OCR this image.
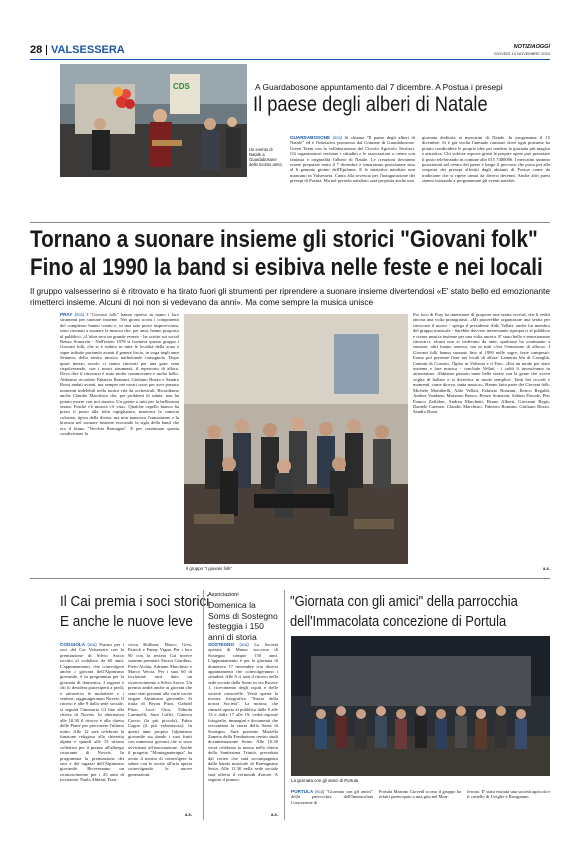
28 VALSESSERA	NOTIZIAOGGI
GIOVEDÌ 14 NOVEMBRE 2024
CDS	A Guardabosone appuntamento dal 7 dicembre. A Postua i presepi
Il paese degli alberi di Natale
Un evento di Natale a Guardabosone dello scorso anno
GUARDABOSONE (sca) Si chiama "Il paese degli alberi di Natale" ed è l'iniziativa promossa dal Comune di Guardabosone. Green Team con la collaborazione del Circolo Agricolo Territori. Gli organizzatori invitano i cittadini e le associazioni a creare con fantasia e originalità l'albero di Natale. Le creazioni dovranno essere preparate entro il 7 dicembre e rimarranno posizionate sino al 6 gennaio giorno dell'Epifania. E le iniziative natalizie non mancano in Valsessera. Canto alla rovescia per l'inaugurazione dei presepi di Postua. Ma nel periodo natalizio sarà proposta anche una
giornata dedicata ai mercatini di Natale. In programma il 15 dicembre. Si è già svolta l'annuale riunione dove ogni postuese ha potuto condividere le proprie idee per rendere la giornata più magica e attrattiva. Chi volesse esporre giusti le proprie opere può prenotare il posto telefonando in comune allo 015 7400006. I mercatini saranno posizionati nel centro del paese e lungo il percorso che porta poi alla scoperta dei presepi allestiti dagli abitanti di Postua come da tradizione che si ripete ormai da diversi decenni. Anche altri paesi stanno iniziando a programmare gli eventi natalizi.
Tornano a suonare insieme gli storici "Giovani folk"
Fino al 1990 la band si esibiva nelle feste e nei locali
Il gruppo valsesserino si è ritrovato e ha tirato fuori gli strumenti per riprendere a suonare insieme divertendosi «E' stato bello ed emozionante rimetterci insieme. Alcuni di noi non si vedevano da anni». Ma come sempre la musica unisce
PRAY (sca) I "Giovani folk" hanno ripreso in mano i loro strumenti per suonare insieme. Nei giorni scorsi i componenti del complesso hanno creato e, in una sala prove improvvisata, sono ritornati a suonare la musica che, per anni, hanno proposto al pubblico. «L'altra sera un grande evento - ha scritto sui social Renzo Scanavin - Nell'inizio 1978 si formava questo gruppo i Giovani folk, che si è esibito in tutte le località della zona e saper infinite portando avanti il genere liscio, in voga negli anni Settanta, della nostra musica tradizionale romagnola. Dopo quasi mezzo secolo ci siamo ritrovati per una gran cena rispolverando, con i nostri strumenti, il repertorio di allora. Devo dire il ritrovarsi è stato molto commovente e molto bello. Abbiamo ricordato Fabrizio Bonzani, Giuliano Bozzo e Sandro Rossi andati avanti, ma sempre nei nostri cuori per aver passato momenti indelebili nella nostra vita da orchestrali. Ricordiamo anche Claudio Marchisio che, per problemi di salute, non ha potuto essere con noi stasera. Un grazie a tutti per la bellissima serata. Finché c'è musica c'è vita». Qualche capello bianco ha preso il posto alla folta capigliatura, mancava la camicia colorata, tipica della divisa, ma non mancava l'entusiasmo e la bravura nel suonare insieme evocando la sigla della band che era il brano "Vecchia Romagna". E per continuare questa condivisione la
Il gruppo "I giovani folk"
Pro loco di Pray ha intenzione di proporre una serata revival, che li vedrà ancora una volta protagonisti. «Mi piacerebbe organizzare una serata per rievocare il nuovo - spiega il presidente Aldo Vellati, anche lui membro del gruppo musicale - Sarebbe davvero interessante riproporci al pubblico e creare musica insieme per una volta ancora. E' stato bello e emozionante ritrovarci, alcuni non si vedevano da anni, qualcuno ha continuato a suonare, altri hanno smesso, ma in tutti c'era l'emozione di allora». I Giovani folk hanno suonato fino al 1990 nelle sagre, feste campestri. Erano poi presente fisse nei locali di allora: Lanterna blu di Cavaglià, Cantoni di Cossato, l'Igloo in Valsesia e il Faro. «Era un modo per stare insieme e fare musica - conclude Vellati - i soldi li investivamo in attrezzature. Abbiamo passato tante belle serate con la gente che aveva voglia di ballare e si divertiva in modo semplice. Tanti bei ricordi e momenti, come dicevo, tanta musica». Hanno fatto parte dei Giovani folk: Michele Montibelli, Aldo Vellati, Fabrizio Bonzani, Enrico Regaldi, Andrea Vaudano, Massimo Ronco, Renzo Scanavin, Sabino Pascale, Pier Franco Zaffalon, Andrea Marchetti, Bruno Alberti, Giovanni Regis, Daniele Carenzo, Claudio Marchisio, Fabrizio Bonzani, Giuliano Bozzo, Sandro Rossi.
a.s.
Il Cai premia i soci storici
E anche le nuove leve
COGGIOLA (sca) Pranzo per i soci del Cai Valsessera con la premiazione di Silvio Sacco iscritto al sodalizio da 60 anni. L'appuntamento, che coinvolgerà anche i giovani dell'Alpinismo giovanile, è in programma per la giornata di domenica. I ragazzi e chi lo desidera parteciperà a piedi, e attraverso le mulattiere e i sentieri, raggiungeranno Noveis. Il ritrovo è alle 9 dalla sede sociale, si seguirà l'itinerario Gl fino alla chiesa di Noveis. In alternativa alle 10.30 il ritrovo è alla chiesa delle Piane per percorrere l'ultimo tratto. Alle 12 sarà celebrata la funzione religiosa alla chiesetta alpina e quindi alle 13 ritorno collettivo per il pranzo all'albergo ristorante di Noveis. In programma la premiazione dei soci e del ragazzi dell'Alpinismo giovanile. Riceveranno un riconoscimento per i 25 anni di iscrizione: Paola Abbiati, Fran-
cesca Bulliani, Marco Giva, Patrick e Fanny Vigna. Per i loro 90 con la tessera Cai invece saranno premiati: Enrica Giardino, Piero Aichia, Adriano Marchisio e Marco Vercia. Per i suoi 60 di iscrizione sarà dato un riconoscimento a Silvio Sacco. Un premio andrà anche ai giovani che sono stati presenti alle varie uscite targate Alpinismo giovanile. Si tratta di Bryan Pitzo, Gabriel Pitzo, Luca Oros, Fabiola Cammelli, Sara Caffri, Ginevra Curcio (la più piccola), Fabio Cagna (il più volenteroso). In questi anni proprio l'alpinismo giovanile sta dando i suoi frutti con numerosi giovani che si sono avvicinati all'associazione. Anche il progetto "Montagnaterapia" ha avuto il merito di coinvolgere la salute con le uscite all'aria aperta coinvolgendo le nuove generazioni.
a.s.
Associazioni
Domenica la Soms di Sostegno festeggia i 150 anni di storia
SOSTEGNO (sca) La Società operaia di Mutuo soccorso di Sostegno compie 150 anni. L'appuntamento è per la giornata di domenica 17 novembre con diversi appuntamenti che coinvolgeranno i cittadini. Alle 9 ci sarà il ritrovo nella sede sociale della Soms in via Rovere 1, ricevimento degli ospiti e delle società consorelle. Verrà aperta la mostra fotografica "Storia della nostra Società". La mostra, che rimarrà aperta al pubblico dalle 9 alle 13 e dalle 17 alle 19, vedrà esposte fotografie, immagini e documenti che raccontano la storia della Soms di Sostegno. Sarà presente Mariella Zanetta della Fondazione centro studi documentazione Soms. Alle 10.30 verrà celebrata la messa nella chiesa della Santissima Trinità, preceduta dal corteo che sarà accompagnato dalla banda musicale di Romagnano Sesia. Alle 11.30 nella sede sociale sarà offerto il vermouth d'onore. A seguire il pranzo.
a.s.
"Giornata con gli amici" della parrocchia
dell'Immacolata concezione di Portula
La giornata con gli amici di Portula
PORTULA (sca) "Giornata con gli amici" della parrocchia dell'Immacolata Concezione di
Portula Martino Giovedì scorso il gruppo ha infatti partecipato a una gita nel Mon-
ferrato. E' stata visitata una società agricola e il castello di Uviglie a Rosignano.
